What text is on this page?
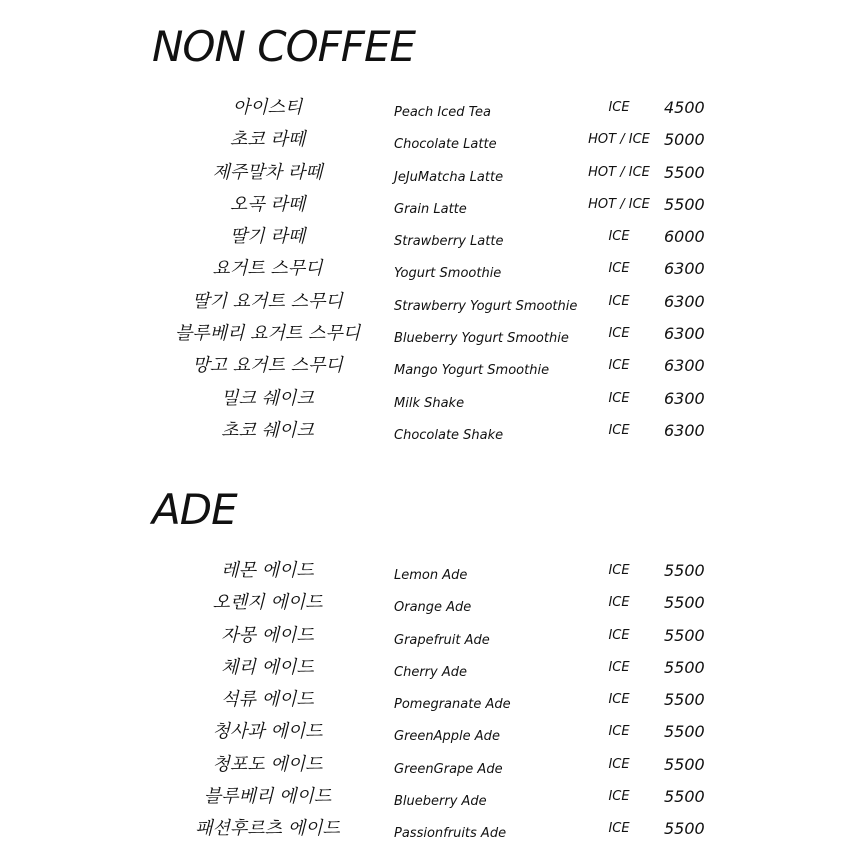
NON COFFEE
아이스티	Peach Iced Tea	ICE	4500
초코 라떼	Chocolate Latte	HOT / ICE 5000
제주말차 라떼	JeJuMatcha Latte	HOT / ICE 5500
오곡 라떼	Grain Latte	HOT / ICE 5500
딸기 라떼	Strawberry Latte	ICE	6000
요거트 스무디	Yogurt Smoothie	ICE	6300
딸기 요거트 스무디	Strawberry Yogurt Smoothie	ICE	6300
블루베리 요거트 스무디	Blueberry Yogurt Smoothie	ICE	6300
망고 요거트 스무디	Mango Yogurt Smoothie	ICE	6300
밀크 쉐이크	Milk Shake	ICE	6300
초코 쉐이크	Chocolate Shake	ICE	6300
ADE
레몬 에이드	Lemon Ade	ICE	5500
오렌지 에이드	Orange Ade	ICE	5500
자몽 에이드	Grapefruit Ade	ICE	5500
체리 에이드	Cherry Ade	ICE	5500
석류 에이드	Pomegranate Ade	ICE	5500
청사과 에이드	GreenApple Ade	ICE	5500
청포도 에이드	GreenGrape Ade	ICE	5500
블루베리 에이드	Blueberry Ade	ICE	5500
패션후르츠 에이드	Passionfruits Ade	ICE	5500
